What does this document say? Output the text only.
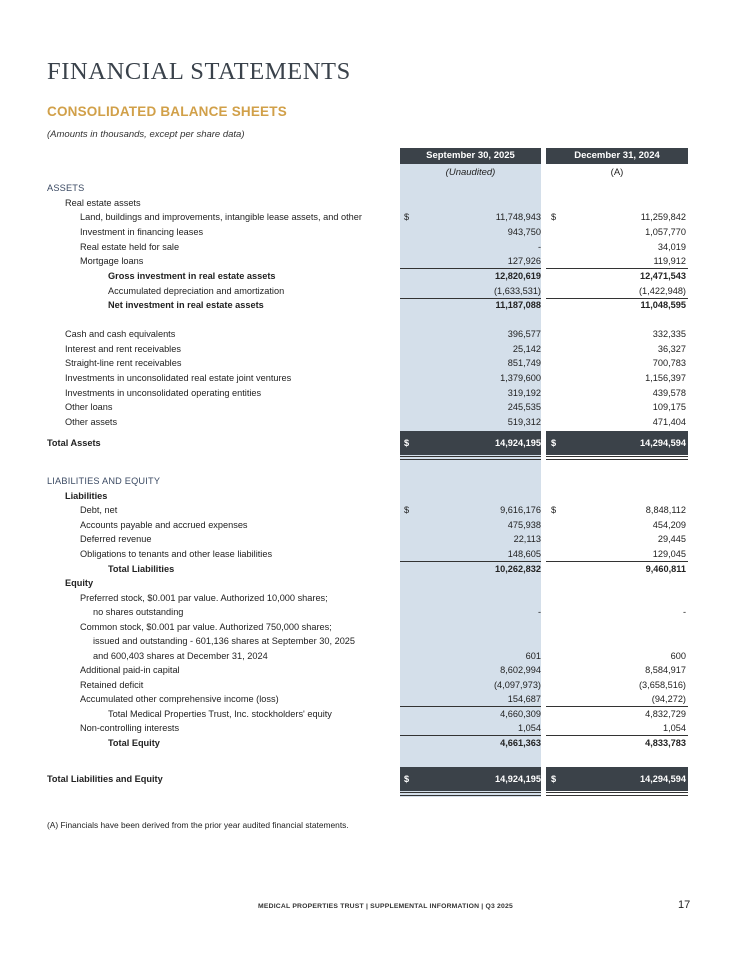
FINANCIAL STATEMENTS
CONSOLIDATED BALANCE SHEETS
(Amounts in thousands, except per share data)
September 30, 2025	December 31, 2024
(Unaudited)	(A)
ASSETS
Real estate assets
Land, buildings and improvements, intangible lease assets, and other	$	11,748,943 $	11,259,842
Investment in financing leases	943,750	1,057,770
Real estate held for sale	-	34,019
Mortgage loans	127,926	119,912
Gross investment in real estate assets	12,820,619	12,471,543
Accumulated depreciation and amortization	(1,633,531)	(1,422,948)
Net investment in real estate assets	11,187,088	11,048,595
Cash and cash equivalents	396,577	332,335
Interest and rent receivables	25,142	36,327
Straight-line rent receivables	851,749	700,783
Investments in unconsolidated real estate joint ventures	1,379,600	1,156,397
Investments in unconsolidated operating entities	319,192	439,578
Other loans	245,535	109,175
Other assets	519,312	471,404
Total Assets	$	14,924,195 $	14,294,594
LIABILITIES AND EQUITY
Liabilities
Debt, net	$	9,616,176 $	8,848,112
Accounts payable and accrued expenses	475,938	454,209
Deferred revenue	22,113	29,445
Obligations to tenants and other lease liabilities	148,605	129,045
Total Liabilities	10,262,832	9,460,811
Equity
Preferred stock, $0.001 par value. Authorized 10,000 shares;
no shares outstanding	-	-
Common stock, $0.001 par value. Authorized 750,000 shares;
issued and outstanding - 601,136 shares at September 30, 2025
and 600,403 shares at December 31, 2024	601	600
Additional paid-in capital	8,602,994	8,584,917
Retained deficit	(4,097,973)	(3,658,516)
Accumulated other comprehensive income (loss)	154,687	(94,272)
Total Medical Properties Trust, Inc. stockholders' equity	4,660,309	4,832,729
Non-controlling interests	1,054	1,054
Total Equity	4,661,363	4,833,783
Total Liabilities and Equity	$	14,924,195 $	14,294,594
(A) Financials have been derived from the prior year audited financial statements.
MEDICAL PROPERTIES TRUST | SUPPLEMENTAL INFORMATION | Q3 2025	17
